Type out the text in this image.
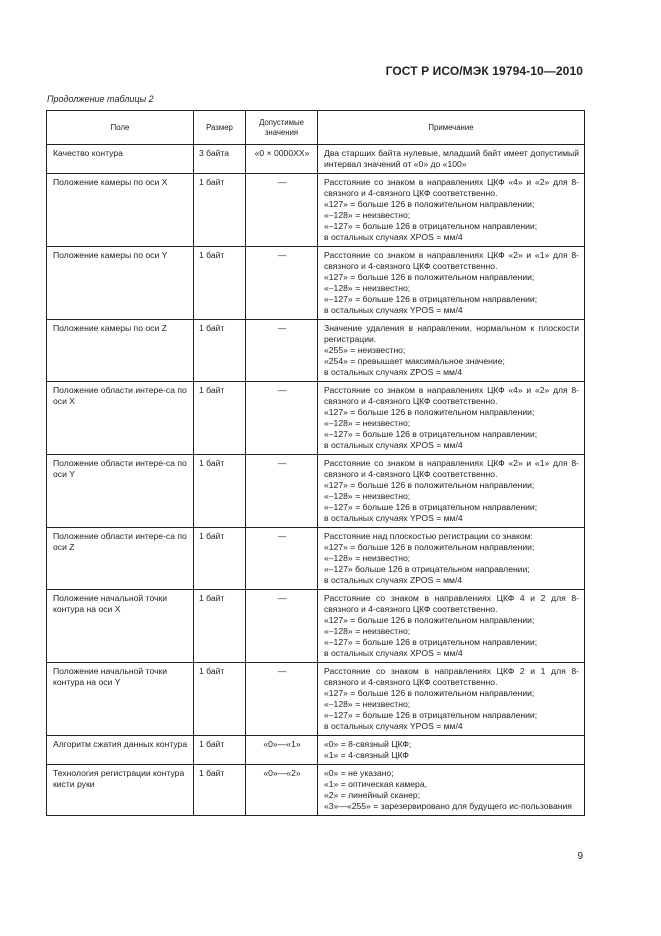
ГОСТ Р ИСО/МЭК 19794-10—2010
Продолжение таблицы 2
Поле	Размер	Допустимые значения	Примечание
Качество контура	3 байта	«0 × 0000XX»	Два старших байта нулевые, младший байт имеет допустимый интервал значений от «0» до «100»

Положение камеры по оси X	1 байт	—	Расстояние со знаком в направлениях ЦКФ «4» и «2» для 8-связного и 4-связного ЦКФ соответственно.
«127» = больше 126 в положительном направлении;
«–128» = неизвестно;
«–127» = больше 126 в отрицательном направлении;
в остальных случаях XPOS = мм/4

Положение камеры по оси Y	1 байт	—	Расстояние со знаком в направлениях ЦКФ «2» и «1» для 8-связного и 4-связного ЦКФ соответственно.
«127» = больше 126 в положительном направлении;
«–128» = неизвестно;
«–127» = больше 126 в отрицательном направлении;
в остальных случаях YPOS = мм/4

Положение камеры по оси Z	1 байт	—	Значение удаления в направлении, нормальном к плоскости регистрации.
«255» = неизвестно;
«254» = превышает максимальное значение;
в остальных случаях ZPOS = мм/4

Положение области интере-са по оси X	1 байт	—	Расстояние со знаком в направлениях ЦКФ «4» и «2» для 8-связного и 4-связного ЦКФ соответственно.
«127» = больше 126 в положительном направлении;
«–128» = неизвестно;
«–127» = больше 126 в отрицательном направлении;
в остальных случаях XPOS = мм/4

Положение области интере-са по оси Y	1 байт	—	Расстояние со знаком в направлениях ЦКФ «2» и «1» для 8-связного и 4-связного ЦКФ соответственно.
«127» = больше 126 в положительном направлении;
«–128» = неизвестно;
«–127» = больше 126 в отрицательном направлении;
в остальных случаях YPOS = мм/4

Положение области интере-са по оси Z	1 байт	—	Расстояние над плоскостью регистрации со знаком:
«127» = больше 126 в положительном направлении;
«–128» = неизвестно;
«–127» больше 126 в отрицательном направлении;
в остальных случаях ZPOS = мм/4

Положение начальной точки контура на оси X	1 байт	—	Расстояние со знаком в направлениях ЦКФ 4 и 2 для 8-связного и 4-связного ЦКФ соответственно.
«127» = больше 126 в положительном направлении;
«–128» = неизвестно;
«–127» = больше 126 в отрицательном направлении;
в остальных случаях XPOS = мм/4

Положение начальной точки контура на оси Y	1 байт	—	Расстояние со знаком в направлениях ЦКФ 2 и 1 для 8-связного и 4-связного ЦКФ соответственно.
«127» = больше 126 в положительном направлении;
«–128» = неизвестно;
«–127» = больше 126 в отрицательном направлении;
в остальных случаях YPOS = мм/4

Алгоритм сжатия данных контура	1 байт	«0»—«1»	«0» = 8-связный ЦКФ;
«1» = 4-связный ЦКФ

Технология регистрации контура кисти руки	1 байт	«0»—«2»	«0» = не указано;
«1» = оптическая камера,
«2» = линейный сканер;
«3»—«255» = зарезервировано для будущего ис-пользования
9
